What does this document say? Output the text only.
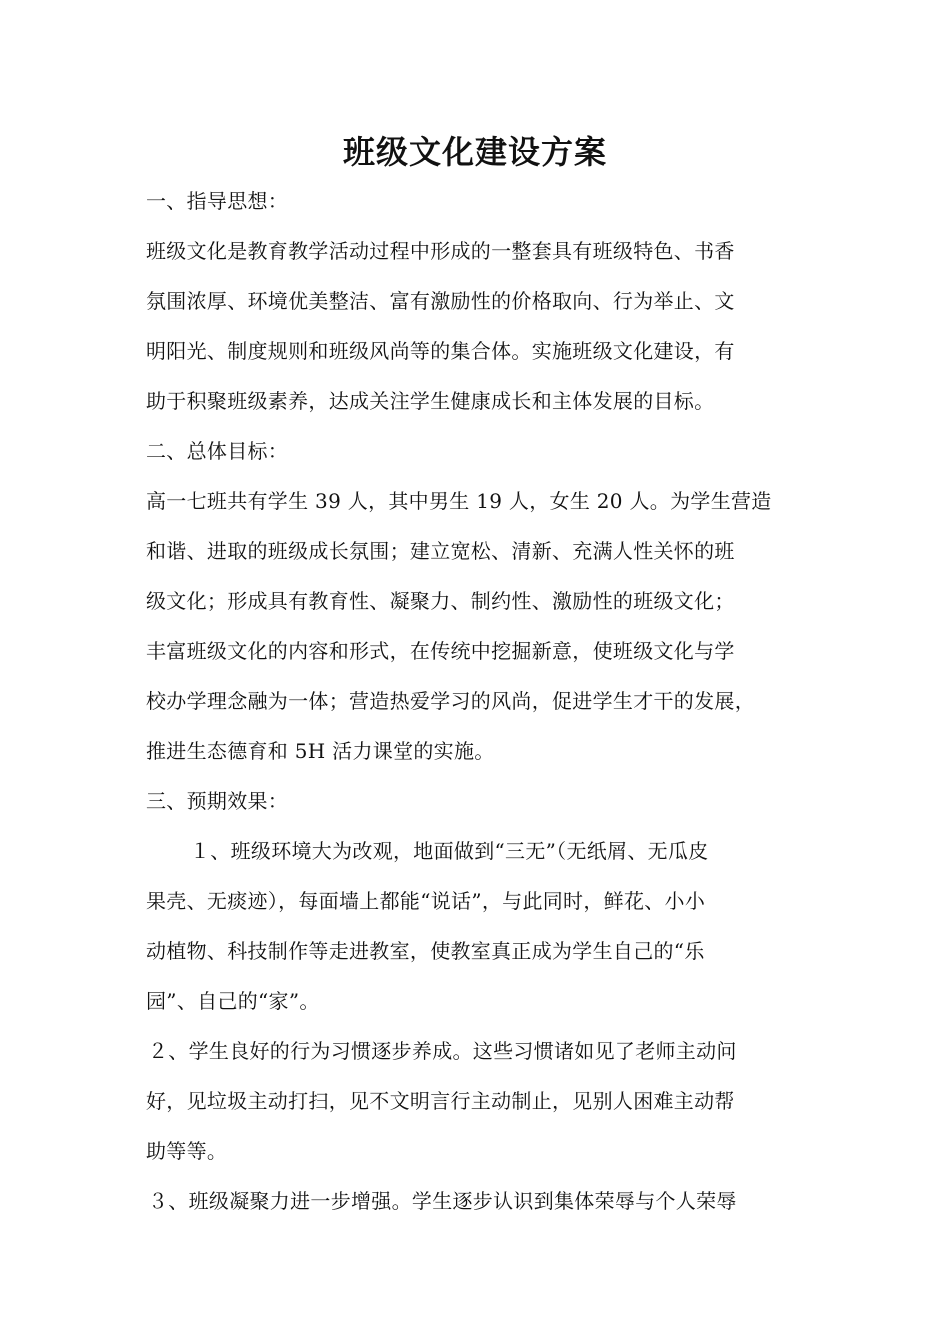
班级文化建设方案
一、指导思想：
班级文化是教育教学活动过程中形成的一整套具有班级特色、书香
氛围浓厚、环境优美整洁、富有激励性的价格取向、行为举止、文
明阳光、制度规则和班级风尚等的集合体。实施班级文化建设，有
助于积聚班级素养，达成关注学生健康成长和主体发展的目标。
二、总体目标：
高一七班共有学生 39 人，其中男生 19 人，女生 20 人。为学生营造
和谐、进取的班级成长氛围；建立宽松、清新、充满人性关怀的班
级文化；形成具有教育性、凝聚力、制约性、激励性的班级文化；
丰富班级文化的内容和形式，在传统中挖掘新意，使班级文化与学
校办学理念融为一体；营造热爱学习的风尚，促进学生才干的发展，
推进生态德育和 5H 活力课堂的实施。
三、预期效果：
１、班级环境大为改观，地面做到“三无”（无纸屑、无瓜皮
果壳、无痰迹），每面墙上都能“说话”，与此同时，鲜花、小小
动植物、科技制作等走进教室，使教室真正成为学生自己的“乐
园”、自己的“家”。
２、学生良好的行为习惯逐步养成。这些习惯诸如见了老师主动问
好，见垃圾主动打扫，见不文明言行主动制止，见别人困难主动帮
助等等。
３、班级凝聚力进一步增强。学生逐步认识到集体荣辱与个人荣辱
